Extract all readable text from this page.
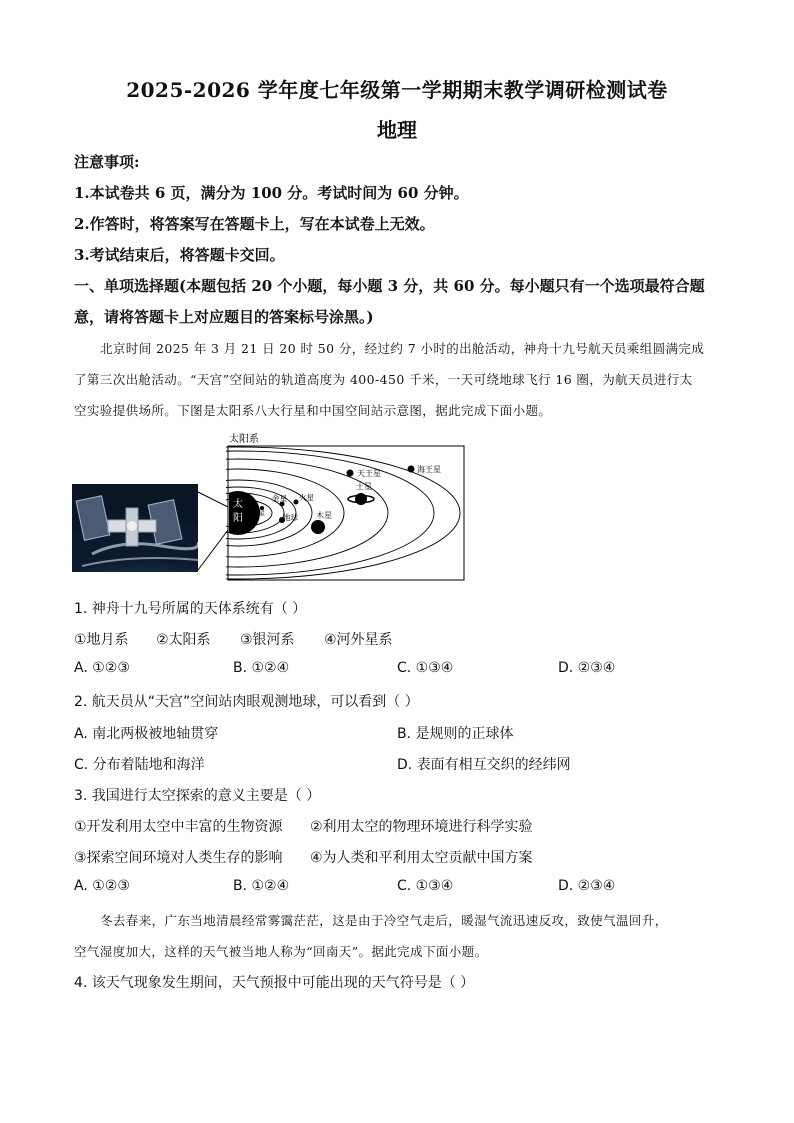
2025-2026 学年度七年级第一学期期末教学调研检测试卷
地理
注意事项:
1.本试卷共 6 页，满分为 100 分。考试时间为 60 分钟。
2.作答时，将答案写在答题卡上，写在本试卷上无效。
3.考试结束后，将答题卡交回。
一、单项选择题(本题包括 20 个小题，每小题 3 分，共 60 分。每小题只有一个选项最符合题
意，请将答题卡上对应题目的答案标号涂黑。)
北京时间 2025 年 3 月 21 日 20 时 50 分，经过约 7 小时的出舱活动，神舟十九号航天员乘组圆满完成
了第三次出舱活动。“天宫”空间站的轨道高度为 400-450 千米，一天可绕地球飞行 16 圈，为航天员进行太
空实验提供场所。下图是太阳系八大行星和中国空间站示意图，据此完成下面小题。
太阳系
太
阳 水星
金星
地球
火星
木星
土星
天王星	海王星
1. 神舟十九号所属的天体系统有（ ）
①地月系 ②太阳系 ③银河系 ④河外星系
A. ①②③	B. ①②④	C. ①③④	D. ②③④
2. 航天员从“天宫”空间站肉眼观测地球，可以看到（ ）
A. 南北两极被地轴贯穿	B. 是规则的正球体
C. 分布着陆地和海洋	D. 表面有相互交织的经纬网
3. 我国进行太空探索的意义主要是（ ）
①开发利用太空中丰富的生物资源 ②利用太空的物理环境进行科学实验
③探索空间环境对人类生存的影响 ④为人类和平利用太空贡献中国方案
A. ①②③	B. ①②④	C. ①③④	D. ②③④
冬去春来，广东当地清晨经常雾霭茫茫，这是由于冷空气走后，暖湿气流迅速反攻，致使气温回升，
空气湿度加大，这样的天气被当地人称为“回南天”。据此完成下面小题。
4. 该天气现象发生期间，天气预报中可能出现的天气符号是（ ）
